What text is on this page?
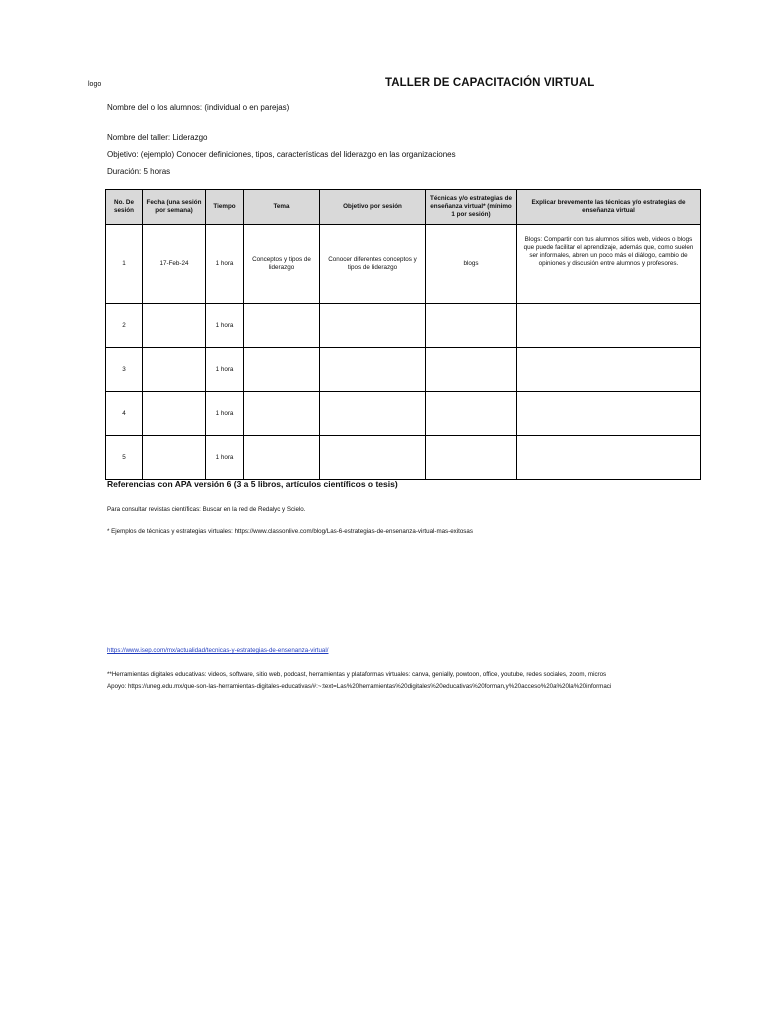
logo	TALLER DE CAPACITACIÓN VIRTUAL
Nombre del o los alumnos: (individual o en parejas)
Nombre del taller: Liderazgo
Objetivo: (ejemplo) Conocer definiciones, tipos, características del liderazgo en las organizaciones
Duración: 5 horas
No. De sesión	Fecha (una sesión por semana)	Tiempo	Tema	Objetivo por sesión	Técnicas y/o estrategias de enseñanza virtual* (mínimo 1 por sesión)	Explicar brevemente las técnicas y/o estrategias de enseñanza virtual
1	17-Feb-24	1 hora	Conceptos y tipos de liderazgo	Conocer diferentes conceptos y tipos de liderazgo	blogs	Blogs: Compartir con tus alumnos sitios web, videos o blogs que puede facilitar el aprendizaje, además que, como suelen ser informales, abren un poco más el diálogo, cambio de opiniones y discusión entre alumnos y profesores.
2		1 hora				
3		1 hora				
4		1 hora				
5		1 hora				
Referencias con APA versión 6 (3 a 5 libros, artículos científicos o tesis)
Para consultar revistas científicas: Buscar en la red de Redalyc y Scielo.
* Ejemplos de técnicas y estrategias virtuales: https://www.classonlive.com/blog/Las-6-estrategias-de-ensenanza-virtual-mas-exitosas
https://www.isep.com/mx/actualidad/tecnicas-y-estrategias-de-ensenanza-virtual/
**Herramientas digitales educativas: videos, software, sitio web, podcast, herramientas y plataformas virtuales: canva, genially, powtoon, office, youtube, redes sociales, zoom, micros
Apoyo: https://uneg.edu.mx/que-son-las-herramientas-digitales-educativas/#:~:text=Las%20herramientas%20digitales%20educativas%20forman,y%20acceso%20a%20la%20informaci
